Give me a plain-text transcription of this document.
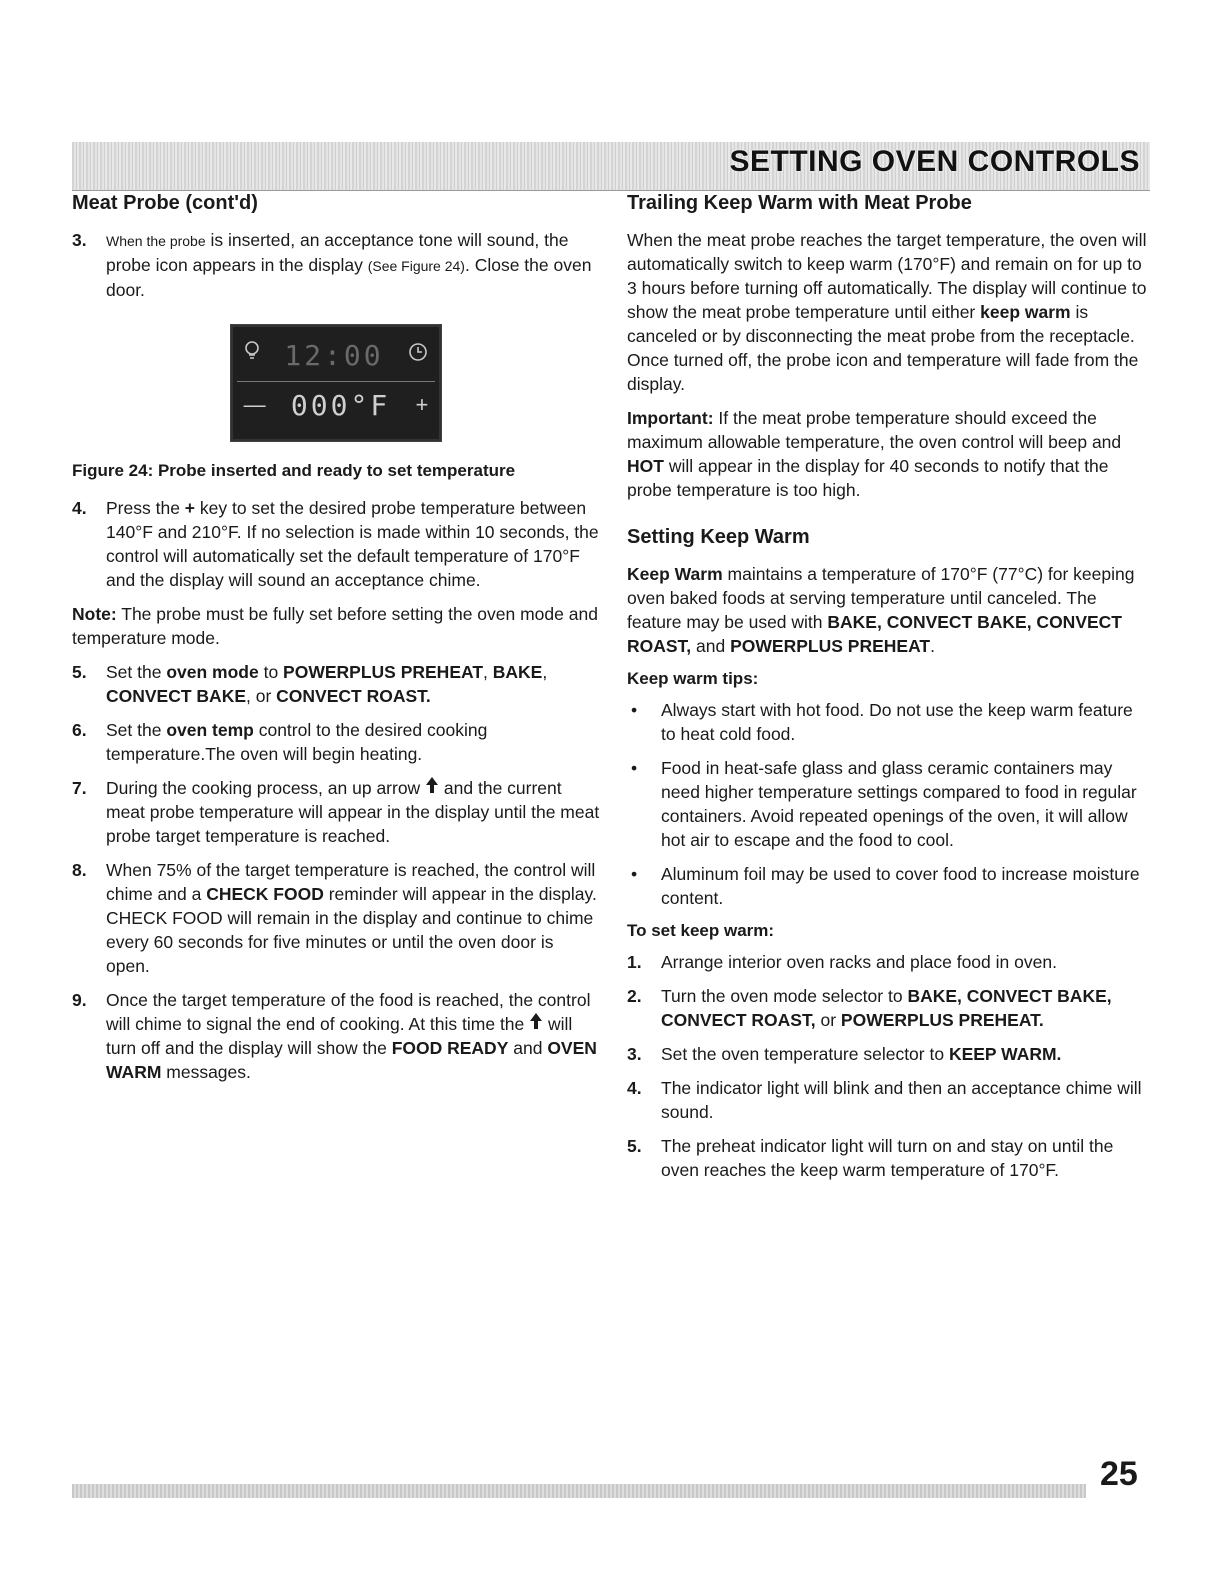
SETTING OVEN CONTROLS
Meat Probe (cont'd)
3. When the probe is inserted, an acceptance tone will sound, the probe icon appears in the display (See Figure 24). Close the oven door.
12:00
— 000°F +

Figure 24: Probe inserted and ready to set temperature

4. Press the + key to set the desired probe temperature between 140°F and 210°F. If no selection is made within 10 seconds, the control will automatically set the default temperature of 170°F and the display will sound an acceptance chime.

Note: The probe must be fully set before setting the oven mode and temperature mode.

5. Set the oven mode to POWERPLUS PREHEAT, BAKE, CONVECT BAKE, or CONVECT ROAST.
6. Set the oven temp control to the desired cooking temperature.The oven will begin heating.
7. During the cooking process, an up arrow  and the current meat probe temperature will appear in the display until the meat probe target temperature is reached.
8. When 75% of the target temperature is reached, the control will chime and a CHECK FOOD reminder will appear in the display. CHECK FOOD will remain in the display and continue to chime every 60 seconds for five minutes or until the oven door is open.
9. Once the target temperature of the food is reached, the control will chime to signal the end of cooking. At this time the  will turn off and the display will show the FOOD READY and OVEN WARM messages.
Trailing Keep Warm with Meat Probe

When the meat probe reaches the target temperature, the oven will automatically switch to keep warm (170°F) and remain on for up to 3 hours before turning off automatically. The display will continue to show the meat probe temperature until either keep warm is canceled or by disconnecting the meat probe from the receptacle. Once turned off, the probe icon and temperature will fade from the display.

Important: If the meat probe temperature should exceed the maximum allowable temperature, the oven control will beep and HOT will appear in the display for 40 seconds to notify that the probe temperature is too high.

Setting Keep Warm

Keep Warm maintains a temperature of 170°F (77°C) for keeping oven baked foods at serving temperature until canceled. The feature may be used with BAKE, CONVECT BAKE, CONVECT ROAST, and POWERPLUS PREHEAT.

Keep warm tips:
• Always start with hot food. Do not use the keep warm feature to heat cold food.
• Food in heat-safe glass and glass ceramic containers may need higher temperature settings compared to food in regular containers. Avoid repeated openings of the oven, it will allow hot air to escape and the food to cool.
• Aluminum foil may be used to cover food to increase moisture content.
To set keep warm:
1. Arrange interior oven racks and place food in oven.
2. Turn the oven mode selector to BAKE, CONVECT BAKE, CONVECT ROAST, or POWERPLUS PREHEAT.
3. Set the oven temperature selector to KEEP WARM.
4. The indicator light will blink and then an acceptance chime will sound.
5. The preheat indicator light will turn on and stay on until the oven reaches the keep warm temperature of 170°F.

25
